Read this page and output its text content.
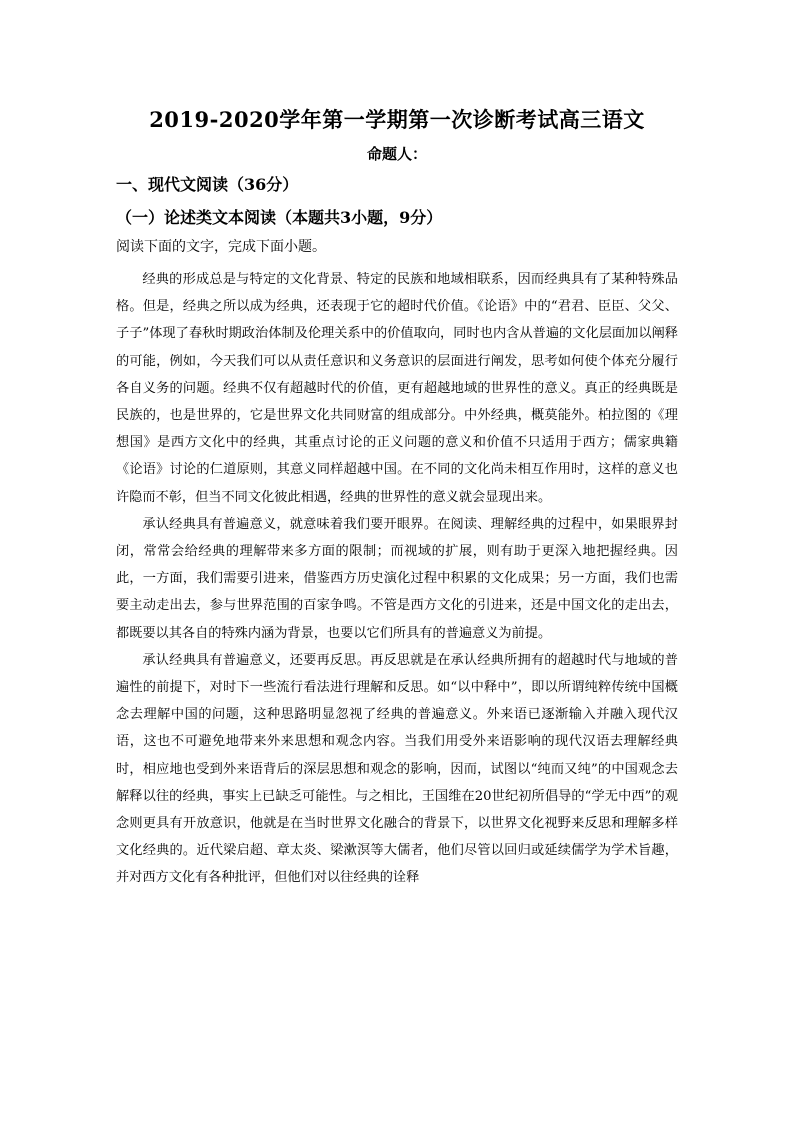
2019-2020学年第一学期第一次诊断考试高三语文
命题人：
一、现代文阅读（36分）
（一）论述类文本阅读（本题共3小题，9分）
阅读下面的文字，完成下面小题。

经典的形成总是与特定的文化背景、特定的民族和地域相联系，因而经典具有了某种特殊品格。但是，经典之所以成为经典，还表现于它的超时代价值。《论语》中的“君君、臣臣、父父、子子”体现了春秋时期政治体制及伦理关系中的价值取向，同时也内含从普遍的文化层面加以阐释的可能，例如，今天我们可以从责任意识和义务意识的层面进行阐发，思考如何使个体充分履行各自义务的问题。经典不仅有超越时代的价值，更有超越地域的世界性的意义。真正的经典既是民族的，也是世界的，它是世界文化共同财富的组成部分。中外经典，概莫能外。柏拉图的《理想国》是西方文化中的经典，其重点讨论的正义问题的意义和价值不只适用于西方；儒家典籍《论语》讨论的仁道原则，其意义同样超越中国。在不同的文化尚未相互作用时，这样的意义也许隐而不彰，但当不同文化彼此相遇，经典的世界性的意义就会显现出来。

承认经典具有普遍意义，就意味着我们要开眼界。在阅读、理解经典的过程中，如果眼界封闭，常常会给经典的理解带来多方面的限制；而视域的扩展，则有助于更深入地把握经典。因此，一方面，我们需要引进来，借鉴西方历史演化过程中积累的文化成果；另一方面，我们也需要主动走出去，参与世界范围的百家争鸣。不管是西方文化的引进来，还是中国文化的走出去，都既要以其各自的特殊内涵为背景，也要以它们所具有的普遍意义为前提。

承认经典具有普遍意义，还要再反思。再反思就是在承认经典所拥有的超越时代与地域的普遍性的前提下，对时下一些流行看法进行理解和反思。如“以中释中”，即以所谓纯粹传统中国概念去理解中国的问题，这种思路明显忽视了经典的普遍意义。外来语已逐渐输入并融入现代汉语，这也不可避免地带来外来思想和观念内容。当我们用受外来语影响的现代汉语去理解经典时，相应地也受到外来语背后的深层思想和观念的影响，因而，试图以“纯而又纯”的中国观念去解释以往的经典，事实上已缺乏可能性。与之相比，王国维在20世纪初所倡导的“学无中西”的观念则更具有开放意识，他就是在当时世界文化融合的背景下，以世界文化视野来反思和理解多样文化经典的。近代梁启超、章太炎、梁漱溟等大儒者，他们尽管以回归或延续儒学为学术旨趣，并对西方文化有各种批评，但他们对以往经典的诠释
